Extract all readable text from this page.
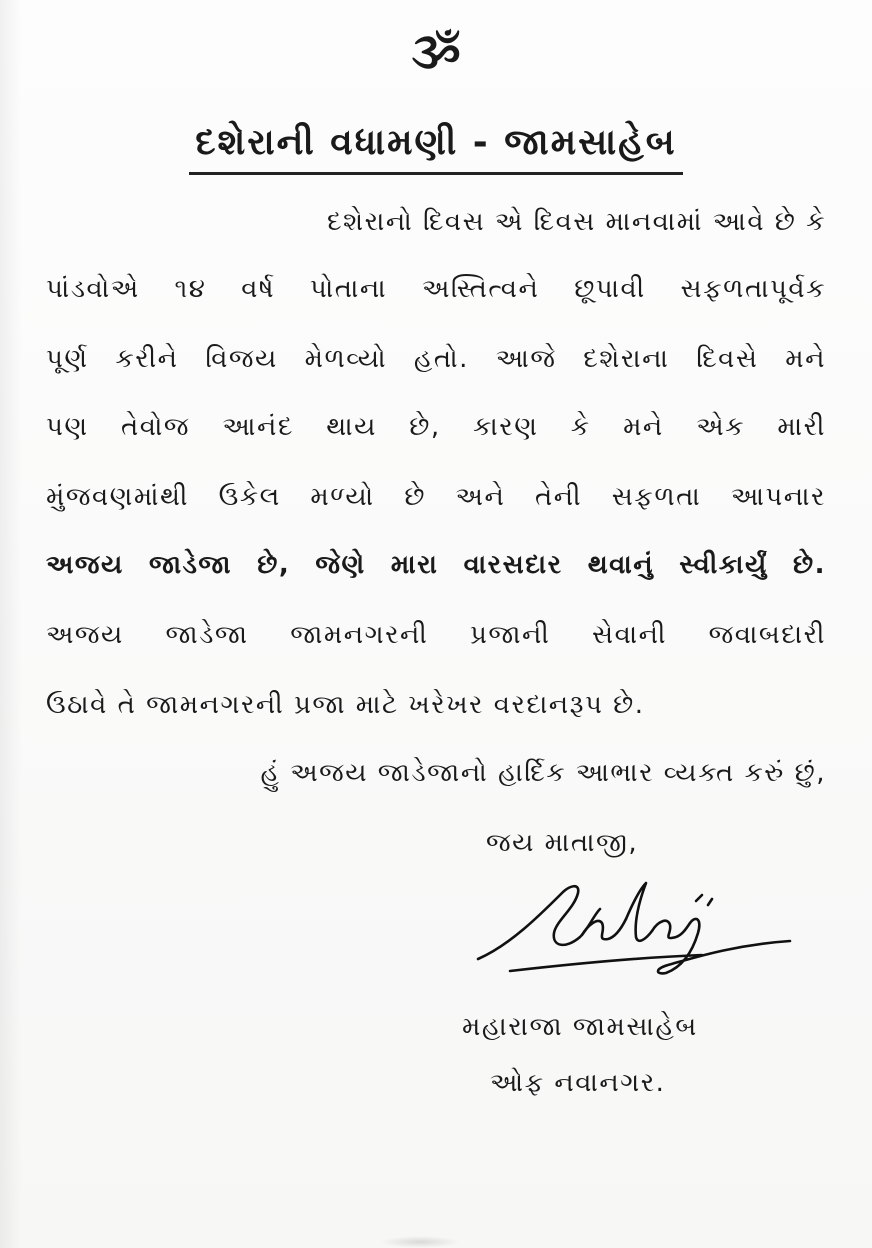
ૐ
દશેરાની વધામણી - જામસાહેબ
દશેરાનો દિવસ એ દિવસ માનવામાં આવે છે કે
પાંડવોએ ૧૪ વર્ષ પોતાના અસ્તિત્વને છૂપાવી સફળતાપૂર્વક
પૂર્ણ કરીને વિજય મેળવ્યો હતો. આજે દશેરાના દિવસે મને
પણ તેવોજ આનંદ થાય છે, કારણ કે મને એક મારી
મુંજવણમાંથી ઉકેલ મળ્યો છે અને તેની સફળતા આપનાર
અજય જાડેજા છે, જેણે મારા વારસદાર થવાનું સ્વીકાર્યું છે.
અજય જાડેજા જામનગરની પ્રજાની સેવાની જવાબદારી
ઉઠાવે તે જામનગરની પ્રજા માટે ખરેખર વરદાનરૂપ છે.
હું અજય જાડેજાનો હાર્દિક આભાર વ્યક્ત કરું છું,
જય માતાજી,
મહારાજા જામસાહેબ
ઓફ નવાનગર.
